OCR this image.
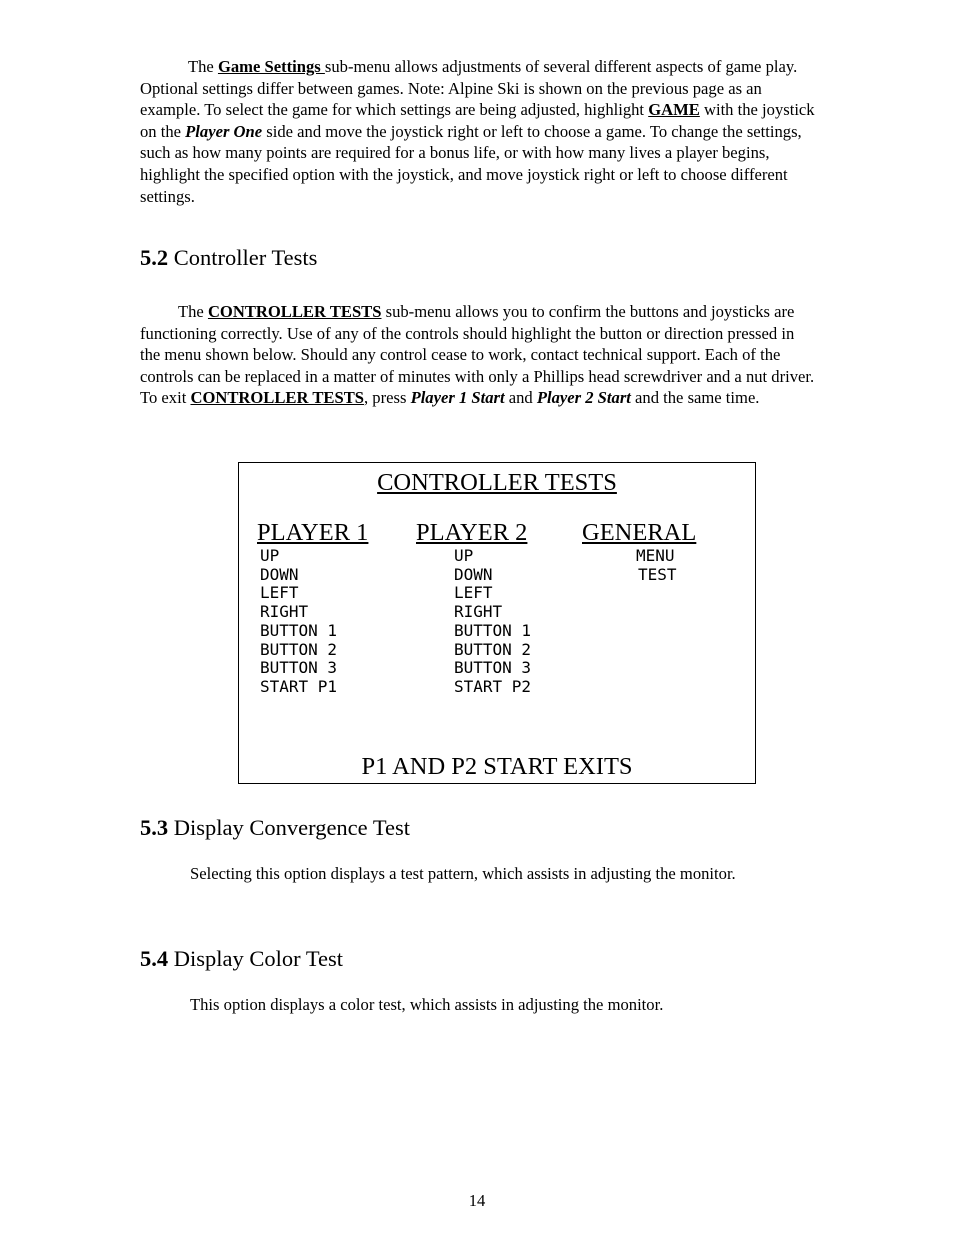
The Game Settings sub-menu allows adjustments of several different aspects of game play. Optional settings differ between games. Note: Alpine Ski is shown on the previous page as an example. To select the game for which settings are being adjusted, highlight GAME with the joystick on the Player One side and move the joystick right or left to choose a game. To change the settings, such as how many points are required for a bonus life, or with how many lives a player begins, highlight the specified option with the joystick, and move joystick right or left to choose different settings.

5.2 Controller Tests

The CONTROLLER TESTS sub-menu allows you to confirm the buttons and joysticks are functioning correctly. Use of any of the controls should highlight the button or direction pressed in the menu shown below. Should any control cease to work, contact technical support. Each of the controls can be replaced in a matter of minutes with only a Phillips head screwdriver and a nut driver. To exit CONTROLLER TESTS, press Player 1 Start and Player 2 Start and the same time.

CONTROLLER TESTS
PLAYER 1 PLAYER 2 GENERAL
UP
DOWN
LEFT
RIGHT
BUTTON 1
BUTTON 2
BUTTON 3
START P1
UP
DOWN
LEFT
RIGHT
BUTTON 1
BUTTON 2
BUTTON 3
START P2
MENU
TEST
P1 AND P2 START EXITS
5.3 Display Convergence Test

Selecting this option displays a test pattern, which assists in adjusting the monitor.

5.4 Display Color Test

This option displays a color test, which assists in adjusting the monitor.

14
